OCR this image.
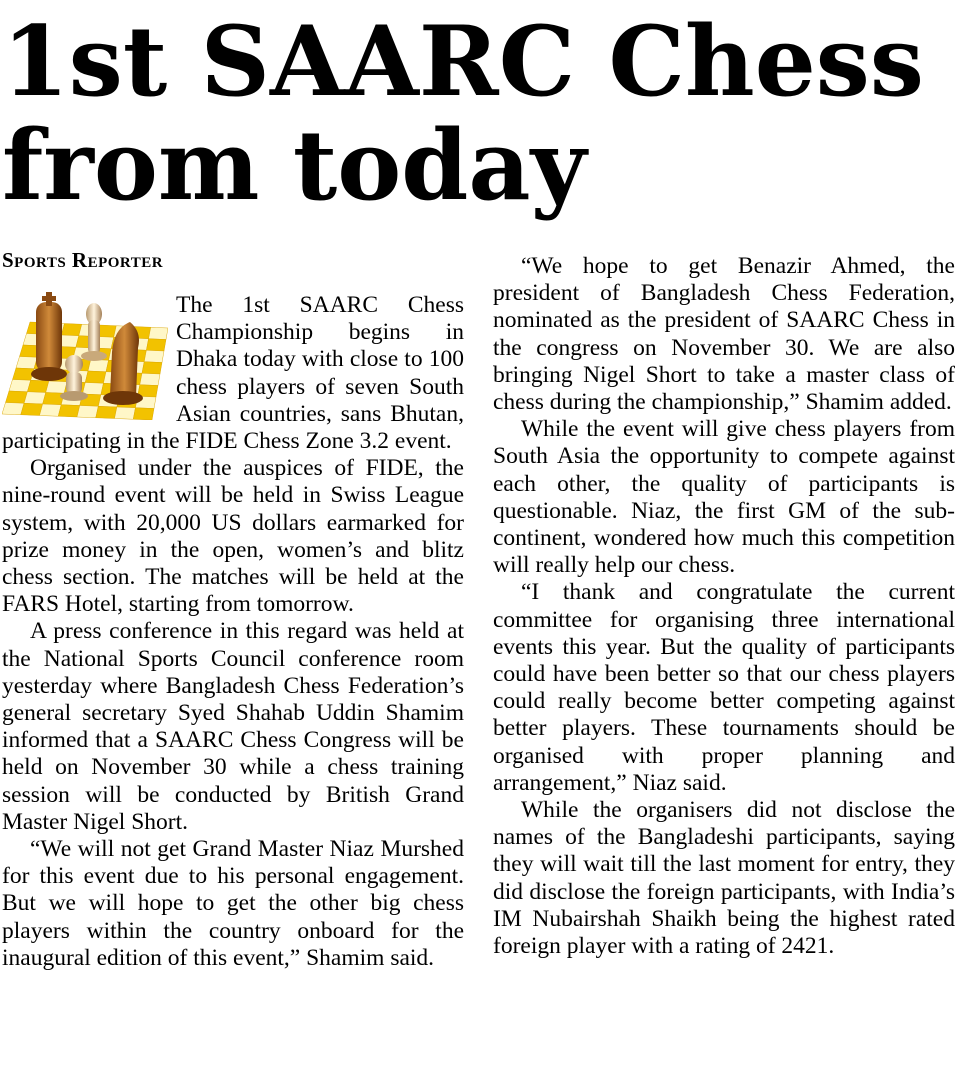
1st SAARC Chess
from today
Sports Reporter

The 1st SAARC Chess Championship begins in Dhaka today with close to 100 chess players of seven South Asian countries, sans Bhutan, participating in the FIDE Chess Zone 3.2 event.

Organised under the auspices of FIDE, the nine-round event will be held in Swiss League system, with 20,000 US dollars earmarked for prize money in the open, women’s and blitz chess section. The matches will be held at the FARS Hotel, starting from tomorrow.

A press conference in this regard was held at the National Sports Council conference room yesterday where Bangladesh Chess Federation’s general secretary Syed Shahab Uddin Shamim informed that a SAARC Chess Congress will be held on November 30 while a chess training session will be conducted by British Grand Master Nigel Short.

“We will not get Grand Master Niaz Murshed for this event due to his personal engagement. But we will hope to get the other big chess players within the country onboard for the inaugural edition of this event,” Shamim said.

“We hope to get Benazir Ahmed, the president of Bangladesh Chess Federation, nominated as the president of SAARC Chess in the congress on November 30. We are also bringing Nigel Short to take a master class of chess during the championship,” Shamim added.

While the event will give chess players from South Asia the opportunity to compete against each other, the quality of participants is questionable. Niaz, the first GM of the sub-continent, wondered how much this competition will really help our chess.

“I thank and congratulate the current committee for organising three international events this year. But the quality of participants could have been better so that our chess players could really become better competing against better players. These tournaments should be organised with proper planning and arrangement,” Niaz said.

While the organisers did not disclose the names of the Bangladeshi participants, saying they will wait till the last moment for entry, they did disclose the foreign participants, with India’s IM Nubairshah Shaikh being the highest rated foreign player with a rating of 2421.
